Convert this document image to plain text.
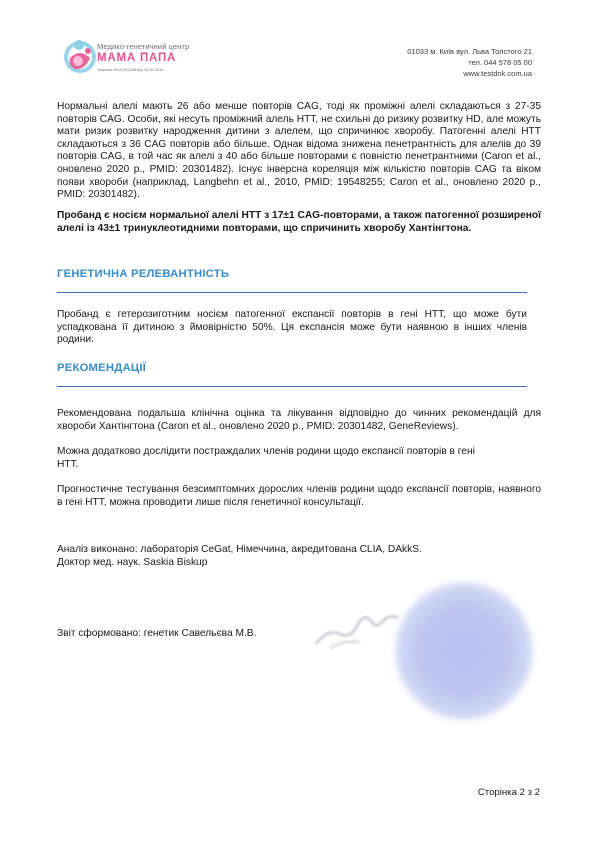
Медико-генетичний центр
МАМА ПАПА
Ліцензія МОЗ №1168 від 03.10.2016
01033 м. Київ вул. Льва Толстого 21
тел. 044 578 05 00
www.testdnk.com.ua
Нормальні алелі мають 26 або менше повторів CAG, тоді як проміжні алелі складаються з 27-35 повторів CAG. Особи, які несуть проміжний алель HTT, не схильні до ризику розвитку HD, але можуть мати ризик розвитку народження дитини з алелем, що спричинює хворобу. Патогенні алелі HTT складаються з 36 CAG повторів або більше. Однак відома знижена пенетрантність для алелів до 39 повторів CAG, в той час як алелі з 40 або більше повторами є повністю пенетрантними (Caron et al., оновлено 2020 р., PMID: 20301482). Існує інверсна кореляція між кількістю повторів CAG та віком появи хвороби (наприклад, Langbehn et al., 2010, PMID: 19548255; Caron et al., оновлено 2020 р., PMID: 20301482).
Пробанд є носієм нормальної алелі HTT з 17±1 CAG-повторами, а також патогенної розширеної алелі із 43±1 тринуклеотидними повторами, що спричинить хворобу Хантінгтона.
ГЕНЕТИЧНА РЕЛЕВАНТНІСТЬ
Пробанд є гетерозиготним носієм патогенної експансії повторів в гені HTT, що може бути успадкована її дитиною з ймовірністю 50%. Ця експансія може бути наявною в інших членів родини.
РЕКОМЕНДАЦІЇ
Рекомендована подальша клінічна оцінка та лікування відповідно до чинних рекомендацій для хвороби Хантінгтона (Caron et al., оновлено 2020 р., PMID: 20301482, GeneReviews).
Можна додатково дослідити постраждалих членів родини щодо експансії повторів в гені HTT.
Прогностичне тестування безсимптомних дорослих членів родини щодо експансії повторів, наявного в гені HTT, можна проводити лише після генетичної консультації.
Аналіз виконано: лабораторія CeGat, Німеччина, акредитована CLIA, DAkkS.
Доктор мед. наук. Saskia Biskup
Звіт сформовано: генетик Савельєва М.В.
Сторінка 2 з 2
